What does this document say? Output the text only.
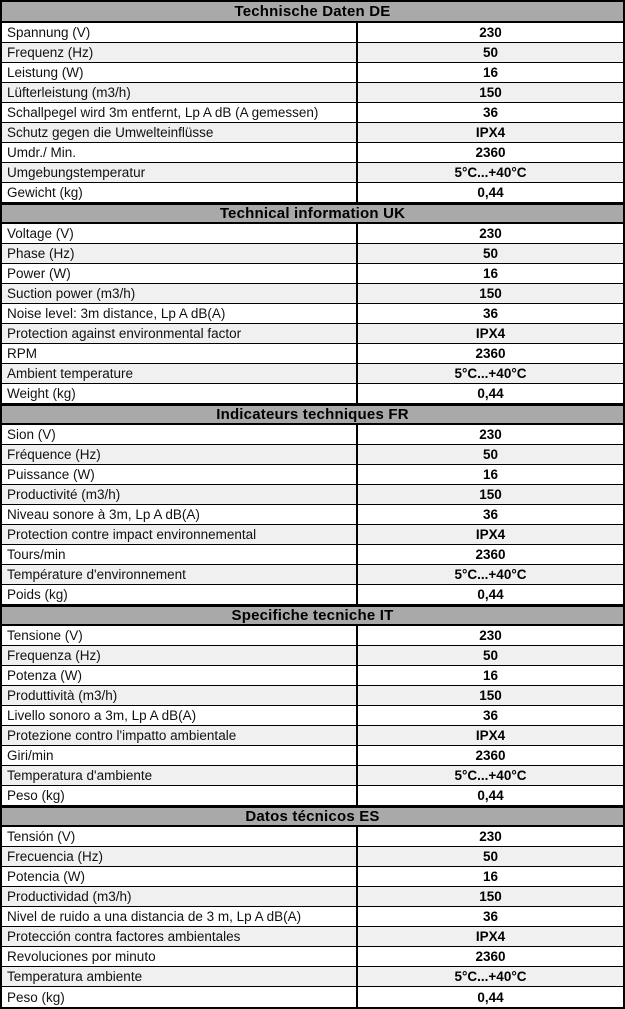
Technische Daten DE
Spannung (V)	230
Frequenz (Hz)	50
Leistung (W)	16
Lüfterleistung (m3/h)	150
Schallpegel wird 3m entfernt, Lp A dB (A gemessen)	36
Schutz gegen die Umwelteinflüsse	IPX4
Umdr./ Min.	2360
Umgebungstemperatur	5°C...+40°C
Gewicht (kg)	0,44
Technical information UK
Voltage (V)	230
Phase (Hz)	50
Power (W)	16
Suction power (m3/h)	150
Noise level: 3m distance, Lp A dB(A)	36
Protection against environmental factor	IPX4
RPM	2360
Ambient temperature	5°C...+40°C
Weight (kg)	0,44
Indicateurs techniques FR
Sion (V)	230
Fréquence (Hz)	50
Puissance (W)	16
Productivité (m3/h)	150
Niveau sonore à 3m, Lp A dB(A)	36
Protection contre impact environnemental	IPX4
Tours/min	2360
Température d'environnement	5°C...+40°C
Poids (kg)	0,44
Specifiche tecniche IT
Tensione (V)	230
Frequenza (Hz)	50
Potenza (W)	16
Produttività (m3/h)	150
Livello sonoro a 3m, Lp A dB(A)	36
Protezione contro l'impatto ambientale	IPX4
Giri/min	2360
Temperatura d'ambiente	5°C...+40°C
Peso (kg)	0,44
Datos técnicos ES
Tensión (V)	230
Frecuencia (Hz)	50
Potencia (W)	16
Productividad (m3/h)	150
Nivel de ruido a una distancia de 3 m, Lp A dB(A)	36
Protección contra factores ambientales	IPX4
Revoluciones por minuto	2360
Temperatura ambiente	5°C...+40°C
Peso (kg)	0,44
